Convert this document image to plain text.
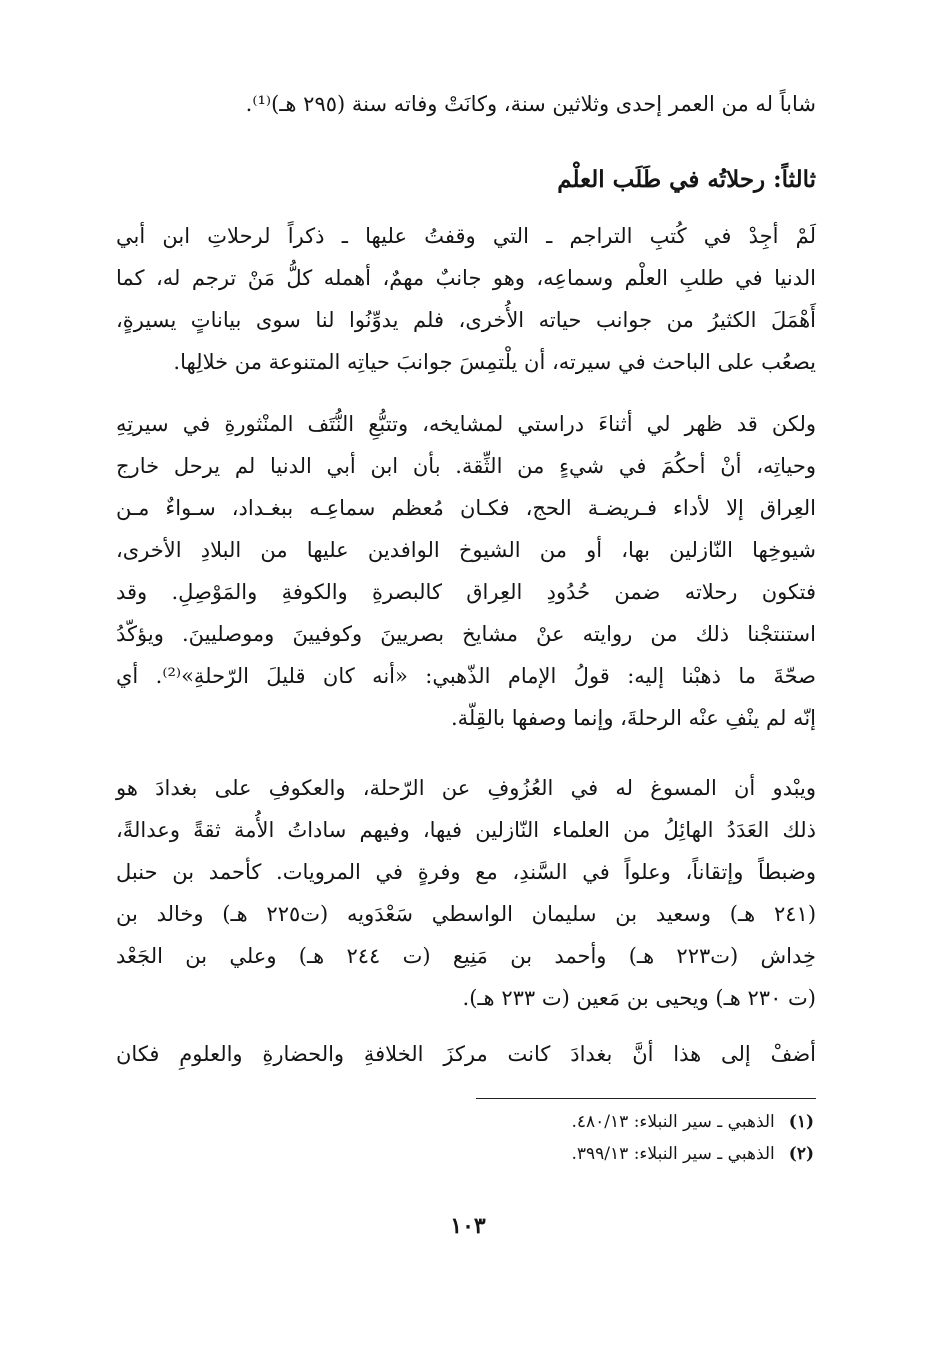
شاباً له من العمر إحدى وثلاثين سنة، وكانَتْ وفاته سنة (٢٩٥ هـ)⁽¹⁾.
ثالثاً: رحلاتُه في طَلَب العلْم
لَمْ أجِدْ في كُتبِ التراجم ـ التي وقفتُ عليها ـ ذكراً لرحلاتِ ابن أبي
الدنيا في طلبِ العلْم وسماعِه، وهو جانبٌ مهمٌ، أهمله كلُّ مَنْ ترجم له، كما
أَهْمَلَ الكثيرُ من جوانب حياته الأُخرى، فلم يدوِّنُوا لنا سوى بياناتٍ يسيرةٍ،
يصعُب على الباحث في سيرته، أن يلْتمِسَ جوانبَ حياتِه المتنوعة من خلالِها.
ولكن قد ظهر لي أثناءَ دراستي لمشايخه، وتتبُّعِ النُّتَف المنْثورةِ في سيرتِهِ
وحياتِه، أنْ أحكُمَ في شيءٍ من الثِّقة. بأن ابن أبي الدنيا لم يرحل خارج
العِراق إلا لأداء فـريضـة الحج، فكـان مُعظم سماعِـه ببغـداد، سـواءٌ مـن
شيوخِها النّازلين بها، أو من الشيوخ الوافدين عليها من البلادِ الأخرى،
فتكون رحلاته ضمن حُدُودِ العِراق كالبصرةِ والكوفةِ والمَوْصِلِ. وقد
استنتجْنا ذلك من روايته عنْ مشايخ بصريينَ وكوفيينَ وموصليينَ. ويؤكّدُ
صحّةَ ما ذهبْنا إليه: قولُ الإمام الذّهبي: «أنه كان قليلَ الرّحلةِ»⁽²⁾. أي
إنّه لم ينْفِ عنْه الرحلةَ، وإنما وصفها بالقِلّة.
ويبْدو أن المسوغ له في العُزُوفِ عن الرّحلة، والعكوفِ على بغدادَ هو
ذلك العَدَدُ الهائِلُ من العلماء النّازلين فيها، وفيهم ساداتُ الأُمة ثقةً وعدالةً،
وضبطاً وإتقاناً، وعلواً في السَّندِ، مع وفرةٍ في المرويات. كأحمد بن حنبل
(٢٤١ هـ) وسعيد بن سليمان الواسطي سَعْدَويه (ت٢٢٥ هـ) وخالد بن
خِداش (ت٢٢٣ هـ) وأحمد بن مَنِيع (ت ٢٤٤ هـ) وعلي بن الجَعْد
(ت ٢٣٠ هـ) ويحيى بن مَعين (ت ٢٣٣ هـ).
أضفْ إلى هذا أنَّ بغدادَ كانت مركزَ الخلافةِ والحضارةِ والعلومِ فكان
(١)الذهبي ـ سير النبلاء: ٤٨٠/١٣.
(٢)الذهبي ـ سير النبلاء: ٣٩٩/١٣.
١٠٣
